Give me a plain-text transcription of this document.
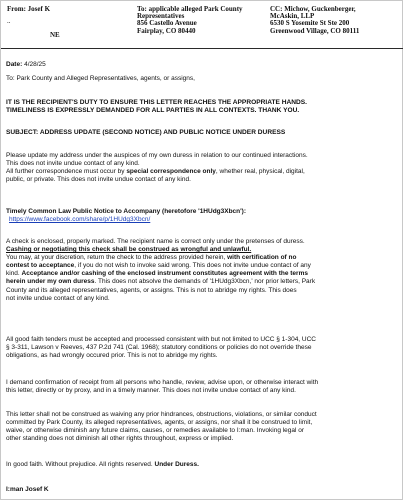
From: Josef K
..
NE
To: applicable alleged Park County
Representatives
856 Castello Avenue
Fairplay, CO 80440
CC: Michow, Guckenberger,
McAskin, LLP
6530 S Yosemite St Ste 200
Greenwood Village, CO 80111
Date: 4/28/25
To: Park County and Alleged Representatives, agents, or assigns,
IT IS THE RECIPIENT'S DUTY TO ENSURE THIS LETTER REACHES THE APPROPRIATE HANDS.
TIMELINESS IS EXPRESSLY DEMANDED FOR ALL PARTIES IN ALL CONTEXTS. THANK YOU.
SUBJECT: ADDRESS UPDATE (SECOND NOTICE) AND PUBLIC NOTICE UNDER DURESS
Please update my address under the auspices of my own duress in relation to our continued interactions.
This does not invite undue contact of any kind.
All further correspondence must occur by special correspondence only, whether real, physical, digital,
public, or private. This does not invite undue contact of any kind.
Timely Common Law Public Notice to Accompany (heretofore '1HUdg3Xbcn'):
https://www.facebook.com/share/p/1HUdg3Xbcn/
A check is enclosed, properly marked. The recipient name is correct only under the pretenses of duress.
Cashing or negotiating this check shall be construed as wrongful and unlawful.
You may, at your discretion, return the check to the address provided herein, with certification of no
contest to acceptance, if you do not wish to invoke said wrong. This does not invite undue contact of any
kind. Acceptance and/or cashing of the enclosed instrument constitutes agreement with the terms
herein under my own duress. This does not absolve the demands of '1HUdg3Xbcn,' nor prior letters, Park
County and its alleged representatives, agents, or assigns. This is not to abridge my rights. This does
not invite undue contact of any kind.
All good faith tenders must be accepted and processed consistent with but not limited to UCC § 1-304, UCC
§ 3-311, Lawson v Reeves, 437 P.2d 741 (Cal. 1968); statutory conditions or policies do not override these
obligations, as had wrongly occured prior. This is not to abridge my rights.
I demand confirmation of receipt from all persons who handle, review, advise upon, or otherwise interact with
this letter, directly or by proxy, and in a timely manner. This does not invite undue contact of any kind.
This letter shall not be construed as waiving any prior hindrances, obstructions, violations, or similar conduct
committed by Park County, its alleged representatives, agents, or assigns, nor shall it be construed to limit,
waive, or otherwise diminish any future claims, causes, or remedies available to I:man. Invoking legal or
other standing does not diminish all other rights throughout, express or implied.
In good faith. Without prejudice. All rights reserved. Under Duress.
I:man Josef K
